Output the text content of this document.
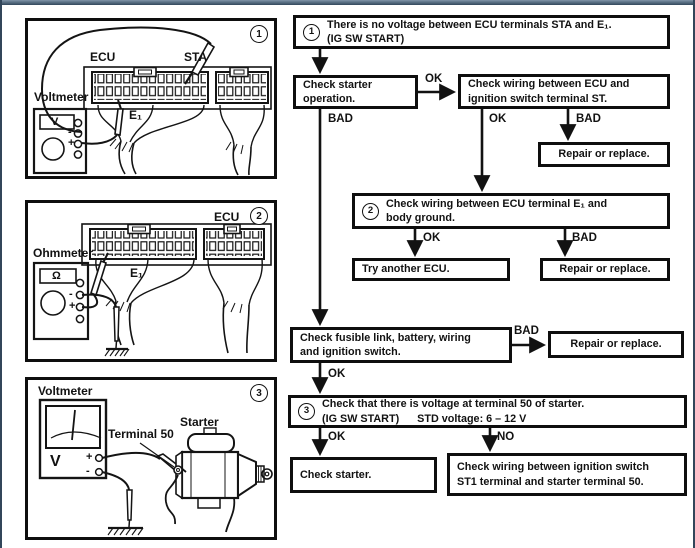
1
There is no voltage between ECU terminals STA and E₁.
(IG SW START)
Check starter
operation.
Check wiring between ECU and
ignition switch terminal ST.
Repair or replace.
2
Check wiring between ECU terminal E₁ and
body ground.
Try another ECU.	Repair or replace.
Check fusible link, battery, wiring
and ignition switch.
Repair or replace.
3
Check that there is voltage at terminal 50 of starter.
(IG SW START) STD voltage: 6 – 12 V
Check starter.
Check wiring between ignition switch
ST1 terminal and starter terminal 50.
OK
BAD	OK	BAD
OK	BAD
BAD
OK
OK	NO
Voltmeter
ECU	STA
E₁
V
-
+
1
Ohmmeter
ECU
E₁
Ω
-
+
2
Voltmeter
Terminal 50
Starter
V +
-
3
